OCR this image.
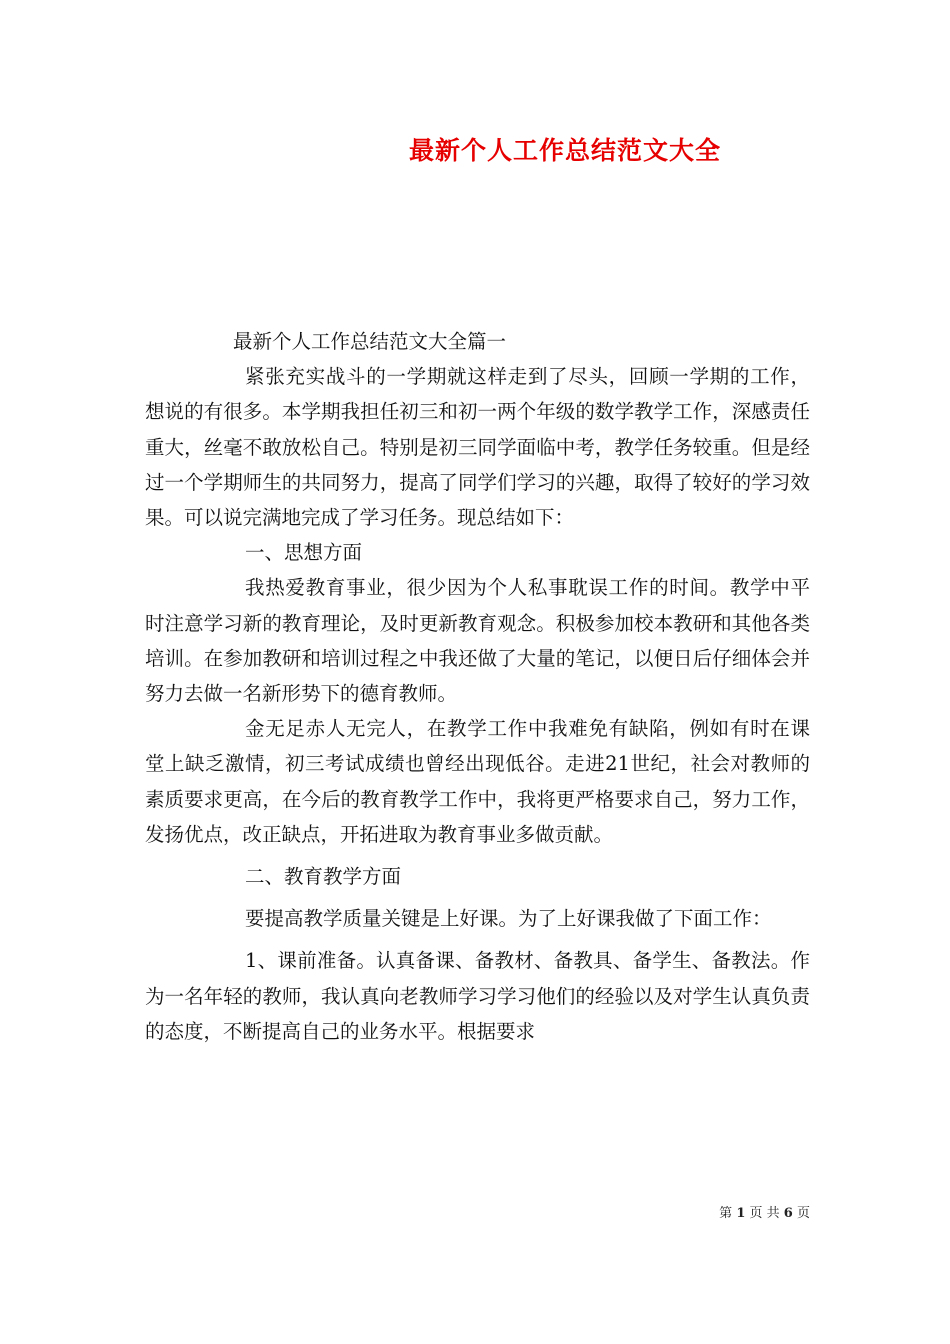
最新个人工作总结范文大全

最新个人工作总结范文大全篇一

紧张充实战斗的一学期就这样走到了尽头，回顾一学期的工作，想说的有很多。本学期我担任初三和初一两个年级的数学教学工作，深感责任重大，丝毫不敢放松自己。特别是初三同学面临中考，教学任务较重。但是经过一个学期师生的共同努力，提高了同学们学习的兴趣，取得了较好的学习效果。可以说完满地完成了学习任务。现总结如下：

一、思想方面

我热爱教育事业，很少因为个人私事耽误工作的时间。教学中平时注意学习新的教育理论，及时更新教育观念。积极参加校本教研和其他各类培训。在参加教研和培训过程之中我还做了大量的笔记，以便日后仔细体会并努力去做一名新形势下的德育教师。

金无足赤人无完人，在教学工作中我难免有缺陷，例如有时在课堂上缺乏激情，初三考试成绩也曾经出现低谷。走进21世纪，社会对教师的素质要求更高，在今后的教育教学工作中，我将更严格要求自己，努力工作，发扬优点，改正缺点，开拓进取为教育事业多做贡献。

二、教育教学方面

要提高教学质量关键是上好课。为了上好课我做了下面工作：

1、课前准备。认真备课、备教材、备教具、备学生、备教法。作为一名年轻的教师，我认真向老教师学习学习他们的经验以及对学生认真负责的态度，不断提高自己的业务水平。根据要求

第 1 页 共 6 页
